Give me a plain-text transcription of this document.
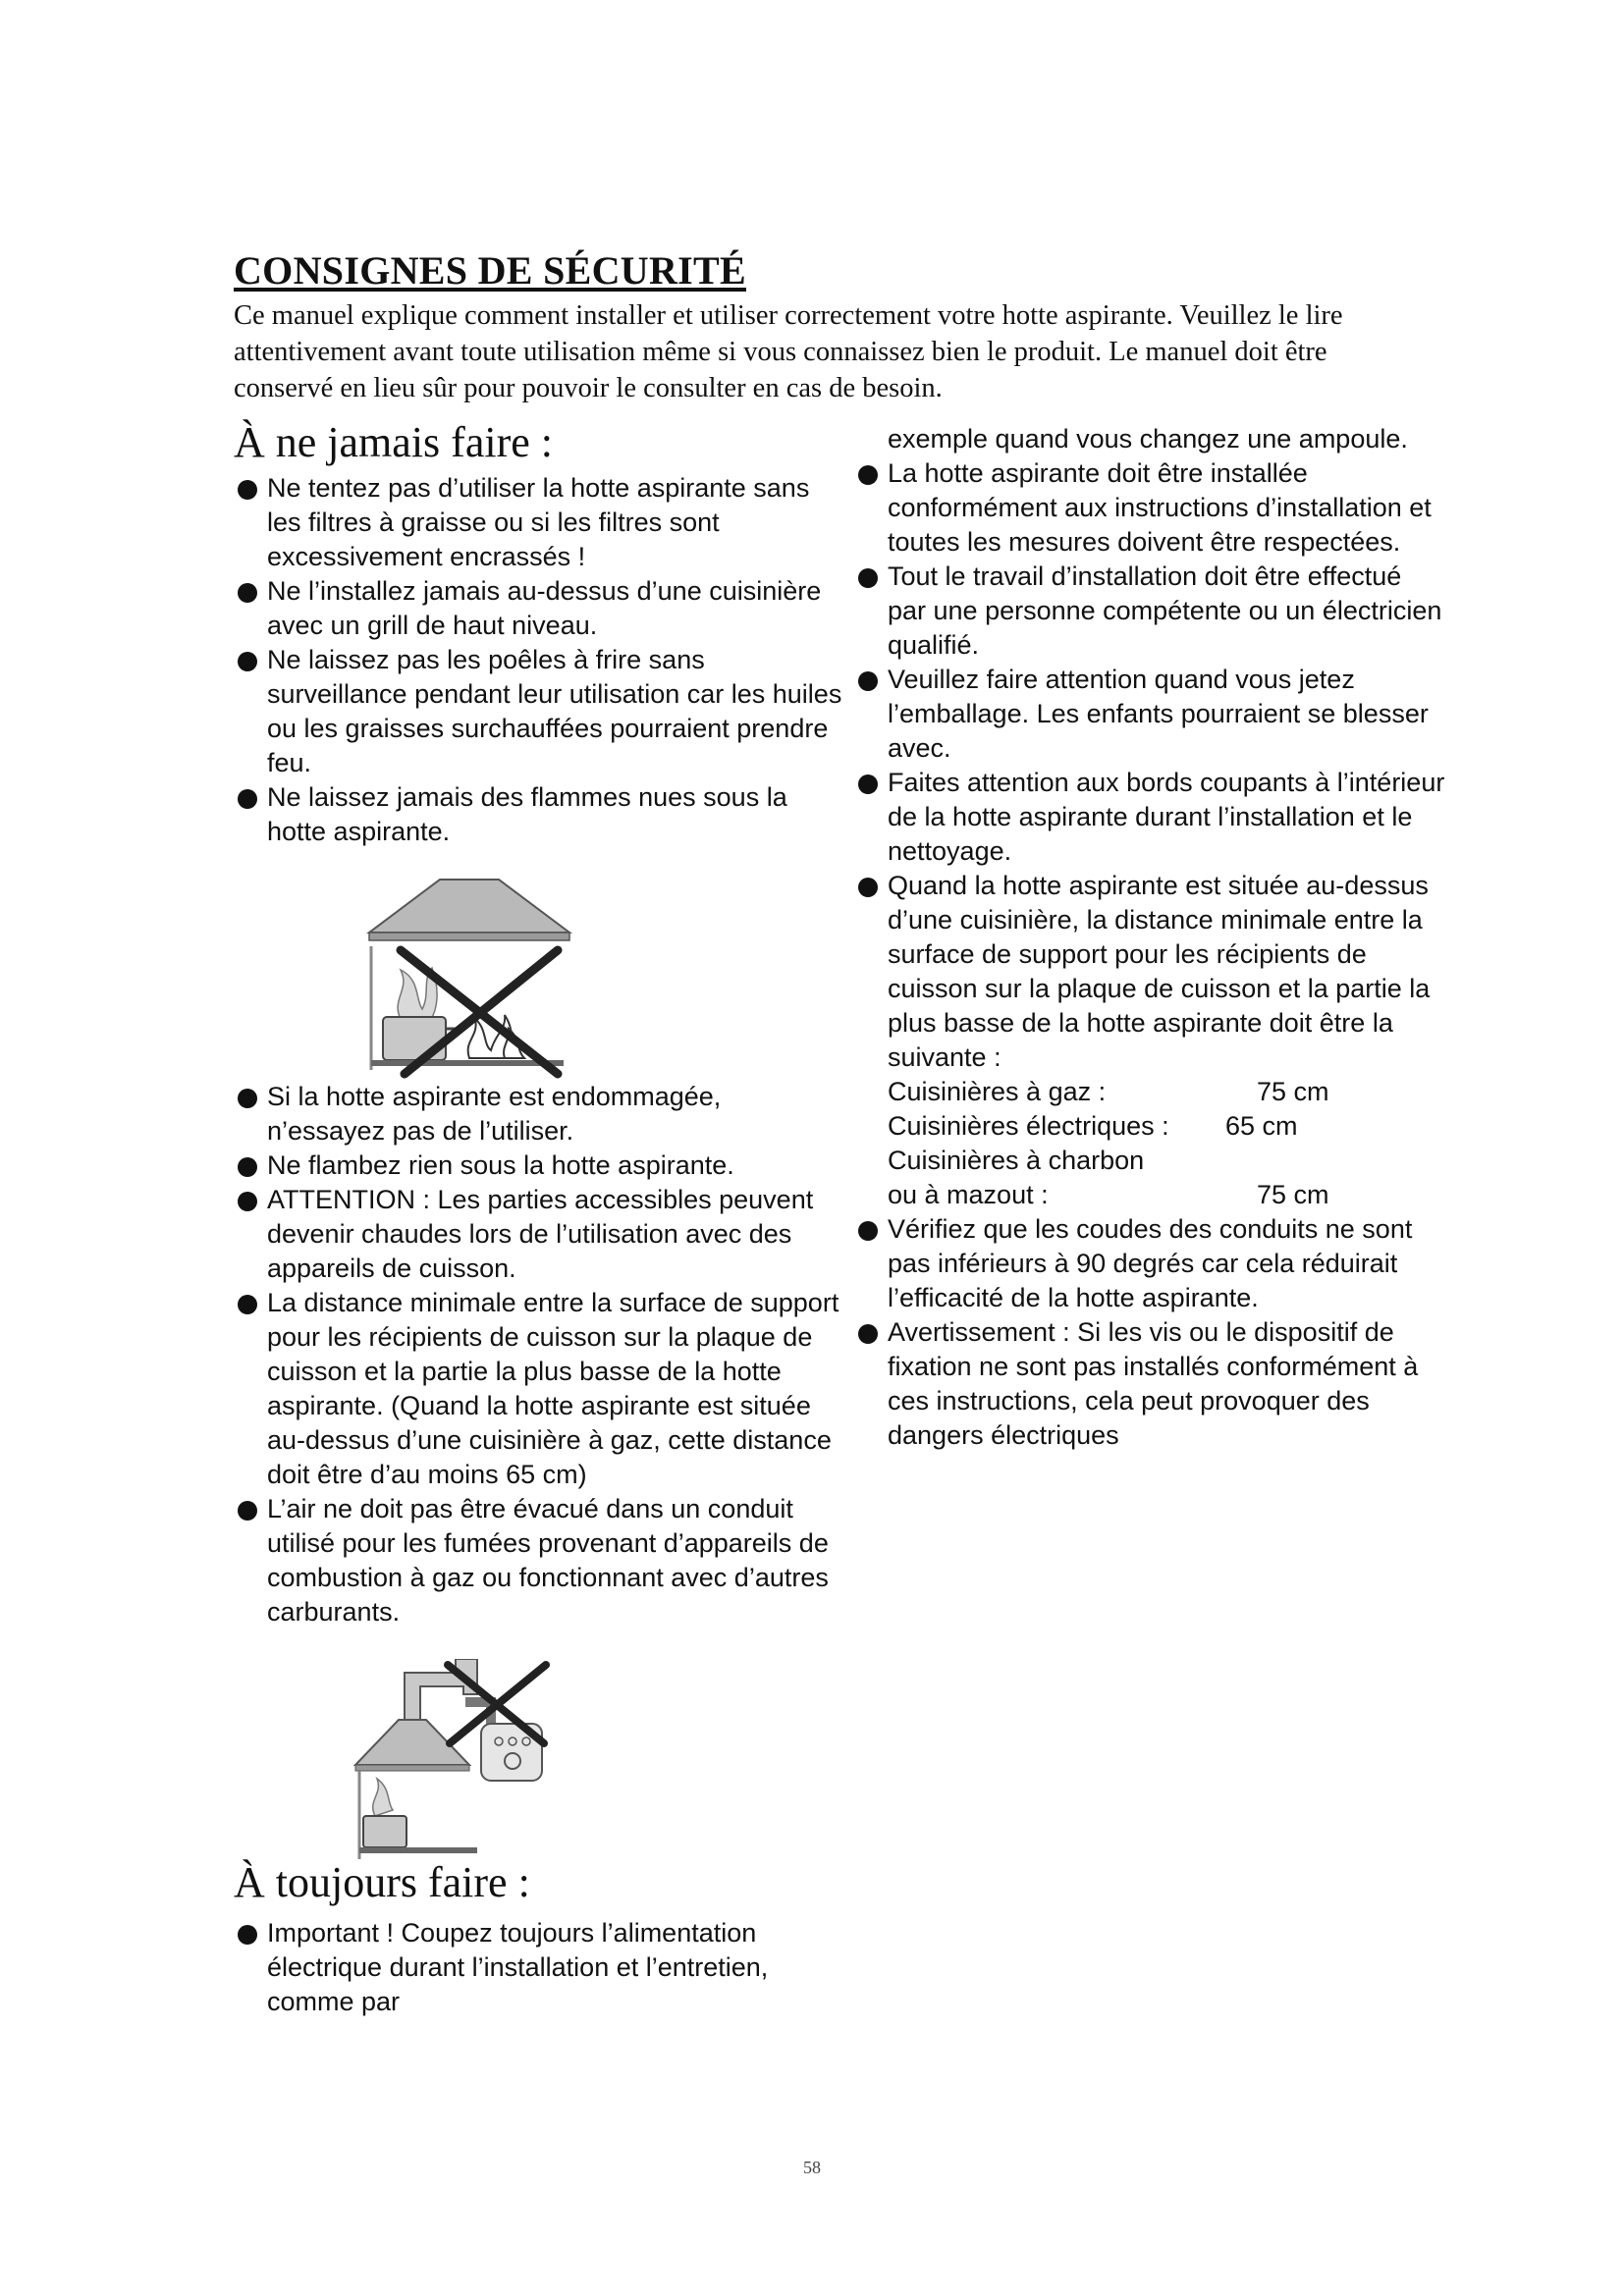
CONSIGNES DE SÉCURITÉ

Ce manuel explique comment installer et utiliser correctement votre hotte aspirante. Veuillez le lire attentivement avant toute utilisation même si vous connaissez bien le produit. Le manuel doit être conservé en lieu sûr pour pouvoir le consulter en cas de besoin.

À ne jamais faire :

Ne tentez pas d’utiliser la hotte aspirante sans les filtres à graisse ou si les filtres sont excessivement encrassés !

Ne l’installez jamais au-dessus d’une cuisinière avec un grill de haut niveau.

Ne laissez pas les poêles à frire sans surveillance pendant leur utilisation car les huiles ou les graisses surchauffées pourraient prendre feu.

Ne laissez jamais des flammes nues sous la hotte aspirante.

Si la hotte aspirante est endommagée, n’essayez pas de l’utiliser.

Ne flambez rien sous la hotte aspirante.

ATTENTION : Les parties accessibles peuvent devenir chaudes lors de l’utilisation avec des appareils de cuisson.

La distance minimale entre la surface de support pour les récipients de cuisson sur la plaque de cuisson et la partie la plus basse de la hotte aspirante. (Quand la hotte aspirante est située au-dessus d’une cuisinière à gaz, cette distance doit être d’au moins 65 cm)

L’air ne doit pas être évacué dans un conduit utilisé pour les fumées provenant d’appareils de combustion à gaz ou fonctionnant avec d’autres carburants.

À toujours faire :

Important ! Coupez toujours l’alimentation électrique durant l’installation et l’entretien, comme par

exemple quand vous changez une ampoule.

La hotte aspirante doit être installée conformément aux instructions d’installation et toutes les mesures doivent être respectées.

Tout le travail d’installation doit être effectué par une personne compétente ou un électricien qualifié.

Veuillez faire attention quand vous jetez l’emballage. Les enfants pourraient se blesser avec.

Faites attention aux bords coupants à l’intérieur de la hotte aspirante durant l’installation et le nettoyage.

Quand la hotte aspirante est située au-dessus d’une cuisinière, la distance minimale entre la surface de support pour les récipients de cuisson sur la plaque de cuisson et la partie la plus basse de la hotte aspirante doit être la suivante :

Cuisinières à gaz :	75 cm
Cuisinières électriques :	65 cm
Cuisinières à charbon
ou à mazout :	75 cm

Vérifiez que les coudes des conduits ne sont pas inférieurs à 90 degrés car cela réduirait l’efficacité de la hotte aspirante.

Avertissement : Si les vis ou le dispositif de fixation ne sont pas installés conformément à ces instructions, cela peut provoquer des dangers électriques

58
